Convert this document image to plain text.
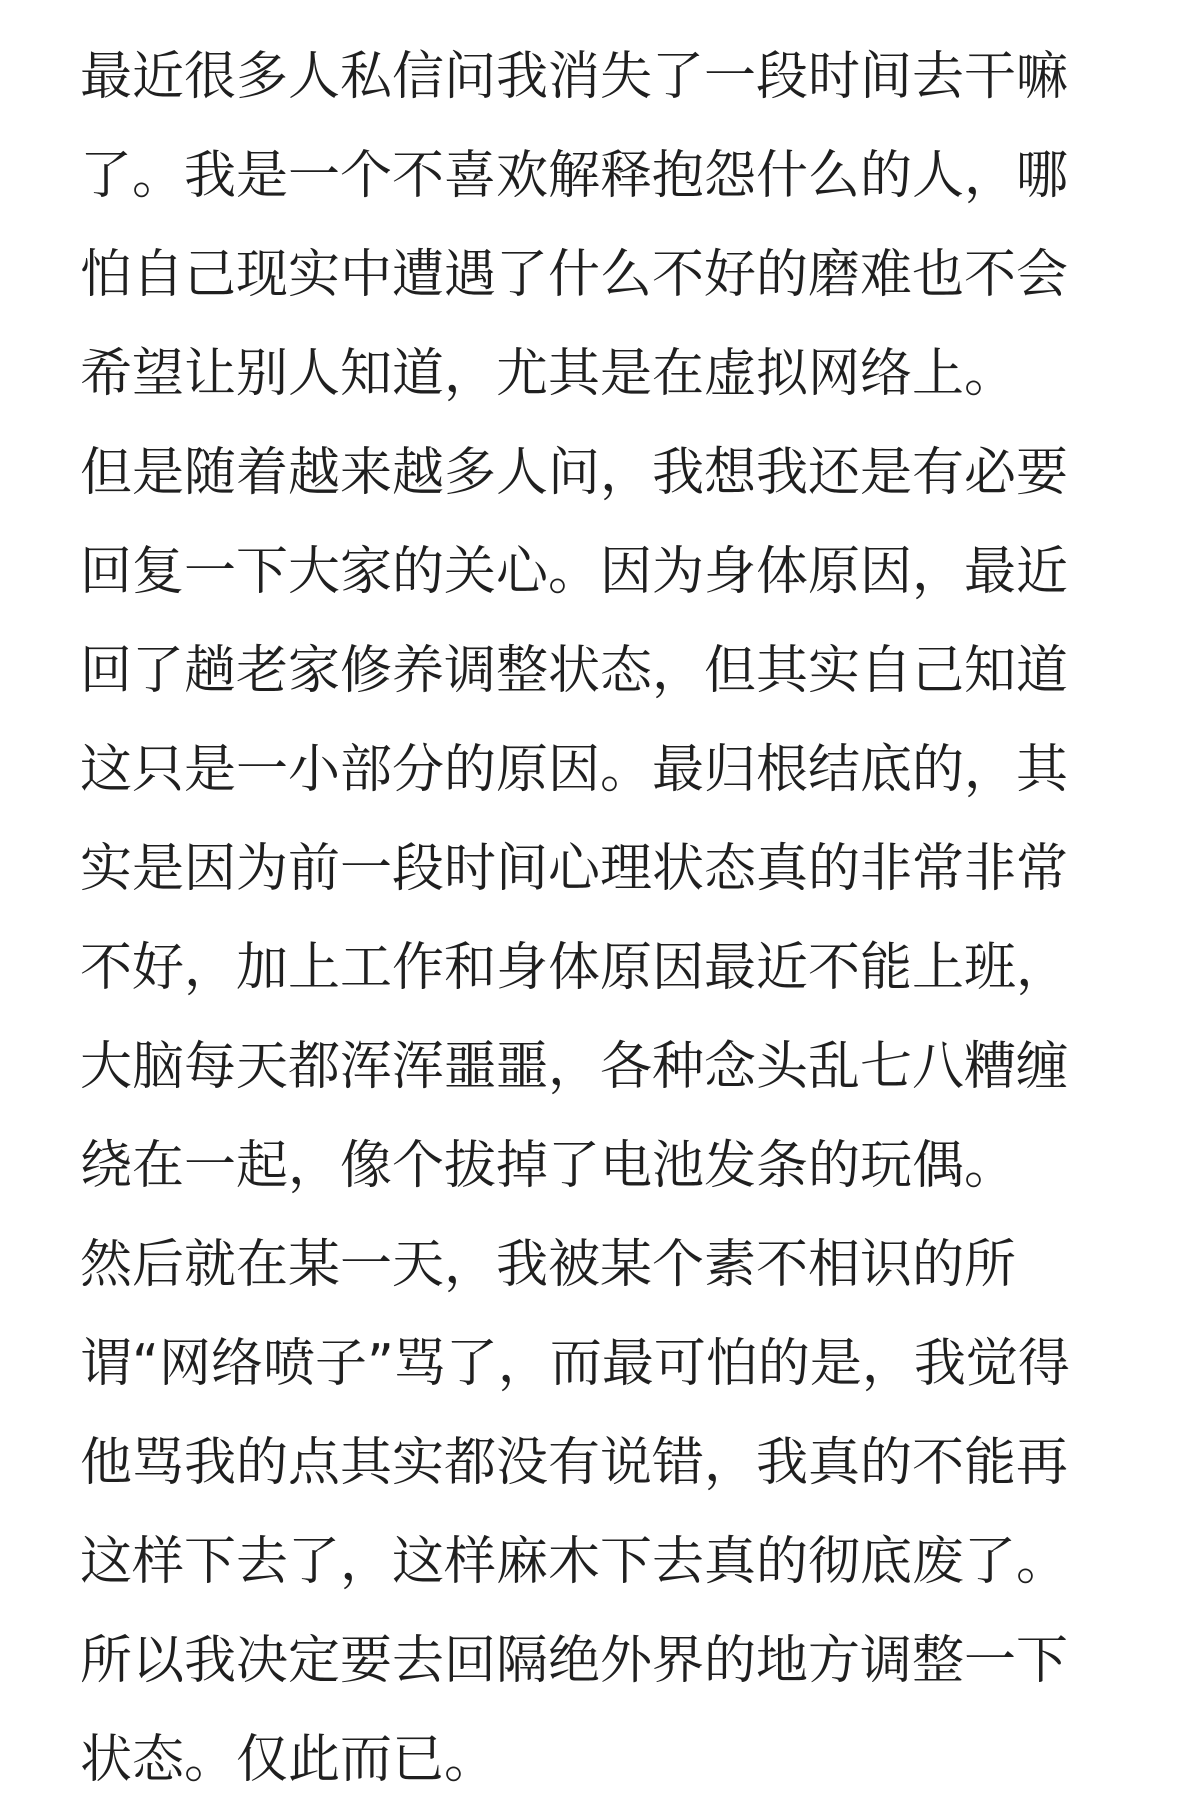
最近很多人私信问我消失了一段时间去干嘛
了。我是一个不喜欢解释抱怨什么的人，哪
怕自己现实中遭遇了什么不好的磨难也不会
希望让别人知道，尤其是在虚拟网络上。
但是随着越来越多人问，我想我还是有必要
回复一下大家的关心。因为身体原因，最近
回了趟老家修养调整状态，但其实自己知道
这只是一小部分的原因。最归根结底的，其
实是因为前一段时间心理状态真的非常非常
不好，加上工作和身体原因最近不能上班，
大脑每天都浑浑噩噩，各种念头乱七八糟缠
绕在一起，像个拔掉了电池发条的玩偶。
然后就在某一天，我被某个素不相识的所
谓“网络喷子”骂了，而最可怕的是，我觉得
他骂我的点其实都没有说错，我真的不能再
这样下去了，这样麻木下去真的彻底废了。
所以我决定要去回隔绝外界的地方调整一下
状态。仅此而已。
